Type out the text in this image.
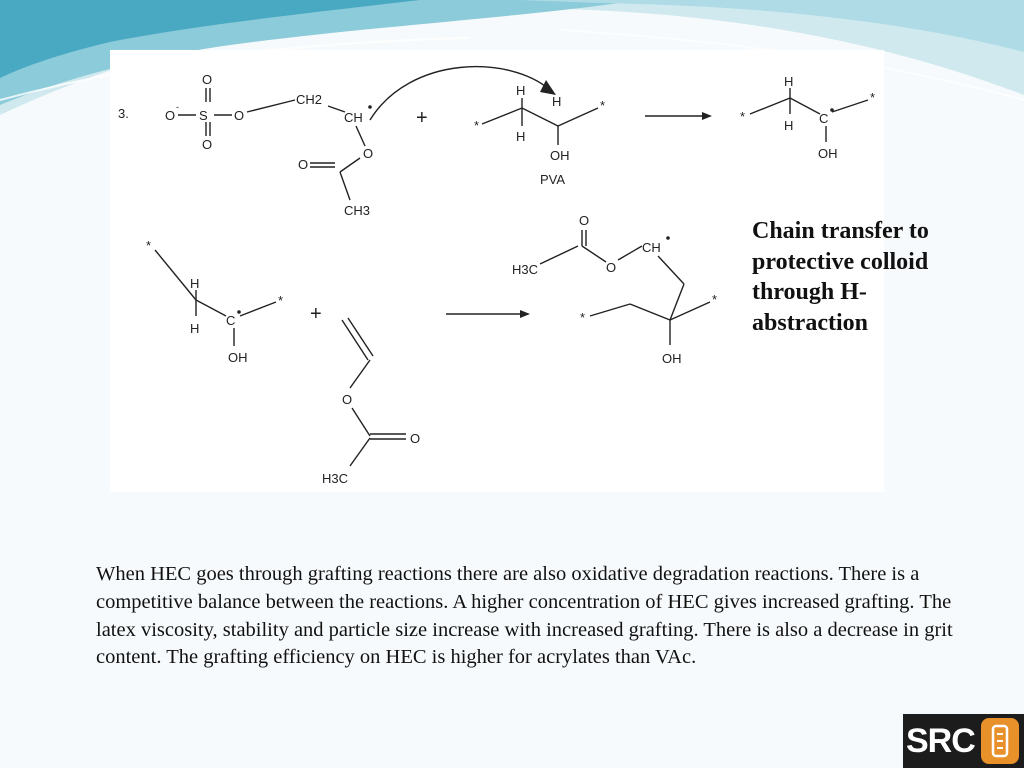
3.	O
-
S
O
O
O
CH2
CH
O
O
CH3
+	*
H
H
H
OH
*
PVA
*
H
H C
OH
*
*
H
H
C
OH
*
+
O
O
H3C
H3C
O
O
CH
*
*
OH
Chain transfer to protective colloid through H-abstraction
When HEC goes through grafting reactions there are also oxidative degradation reactions. There is a competitive balance between the reactions. A higher concentration of HEC gives increased grafting. The latex viscosity, stability and particle size increase with increased grafting. There is also a decrease in grit content. The grafting efficiency on HEC is higher for acrylates than VAc.
SRC
